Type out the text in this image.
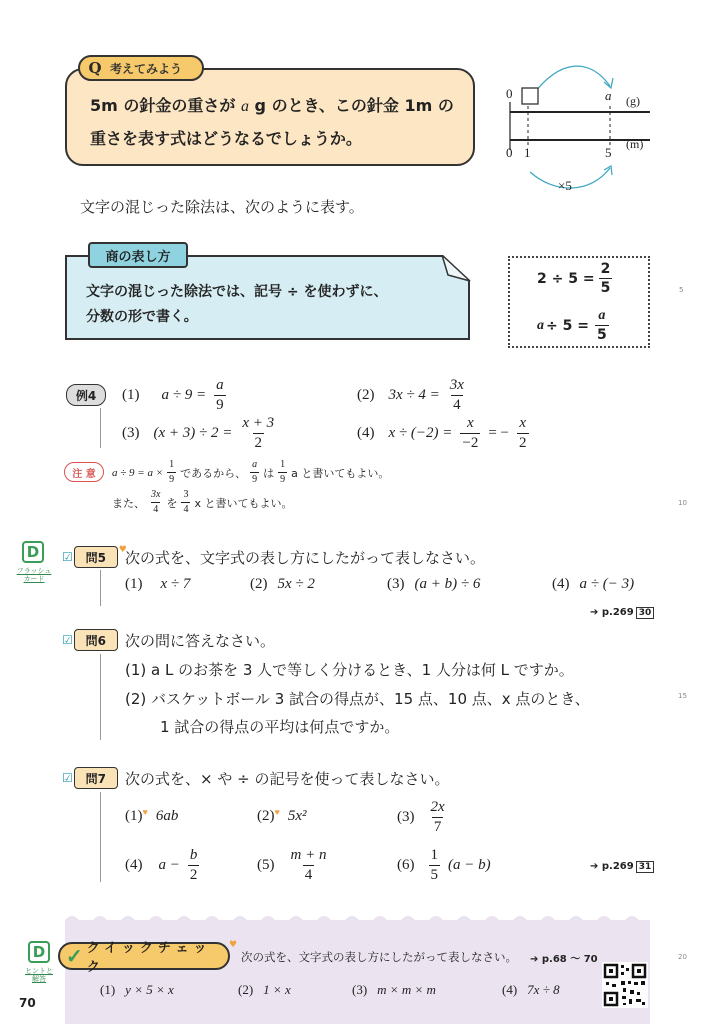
Q 考えてみよう
5m の針金の重さが a g のとき、この針金 1m の
重さを表す式はどうなるでしょうか。
0	a (g)
0 1	5
(m)
×5
文字の混じった除法は、次のように表す。
商の表し方
文字の混じった除法では、記号 ÷ を使わずに、
分数の形で書く。
$2 \div 5 = \frac{2}{5}$
$a \div 5 = \frac{a}{5}$
例4	(1) $a \div 9 = \frac{a}{9}$	(2) $3x \div 4 = \frac{3x}{4}$
(3) $(x + 3) \div 2 = \frac{x + 3}{2}$	(4) $x \div (-2) = \frac{x}{-2}$ = − $\frac{x}{2}$
注 意	$a \div 9 = a \times \frac{1}{9}$ であるから、 $\frac{a}{9}$ は $\frac{1}{9}$ a と書いてもよい。
また、 $\frac{3x}{4}$ を $\frac{3}{4}$ x と書いてもよい。
D
フラッシュ
カード
☑	問5
♥
次の式を、文字式の表し方にしたがって表しなさい。
(1) x ÷ 7	(2) 5x ÷ 2	(3) (a + b) ÷ 6	(4) a ÷ (− 3)
➔ p.269 30
☑	問6	次の問に答えなさい。
(1) a L のお茶を 3 人で等しく分けるとき、1 人分は何 L ですか。
(2) バスケットボール 3 試合の得点が、15 点、10 点、x 点のとき、
1 試合の得点の平均は何点ですか。
☑	問7	次の式を、× や ÷ の記号を使って表しなさい。
(1) ♥ 6ab	(2) ♥ 5x²	$(3) \frac{2x}{7}$
(4) $a - \frac{b}{2}$	$(5) \frac{m + n}{4}$	$(6) \frac{1}{5} (a - b)$	➔ p.269 31
D
ヒントと
解答
✓ クイックチェック
♥
次の式を、文字式の表し方にしたがって表しなさい。 ➔ p.68 〜 70
(1) y × 5 × x	(2) 1 × x	(3) m × m × m	(4) 7x ÷ 8
5
10
15
20
70
